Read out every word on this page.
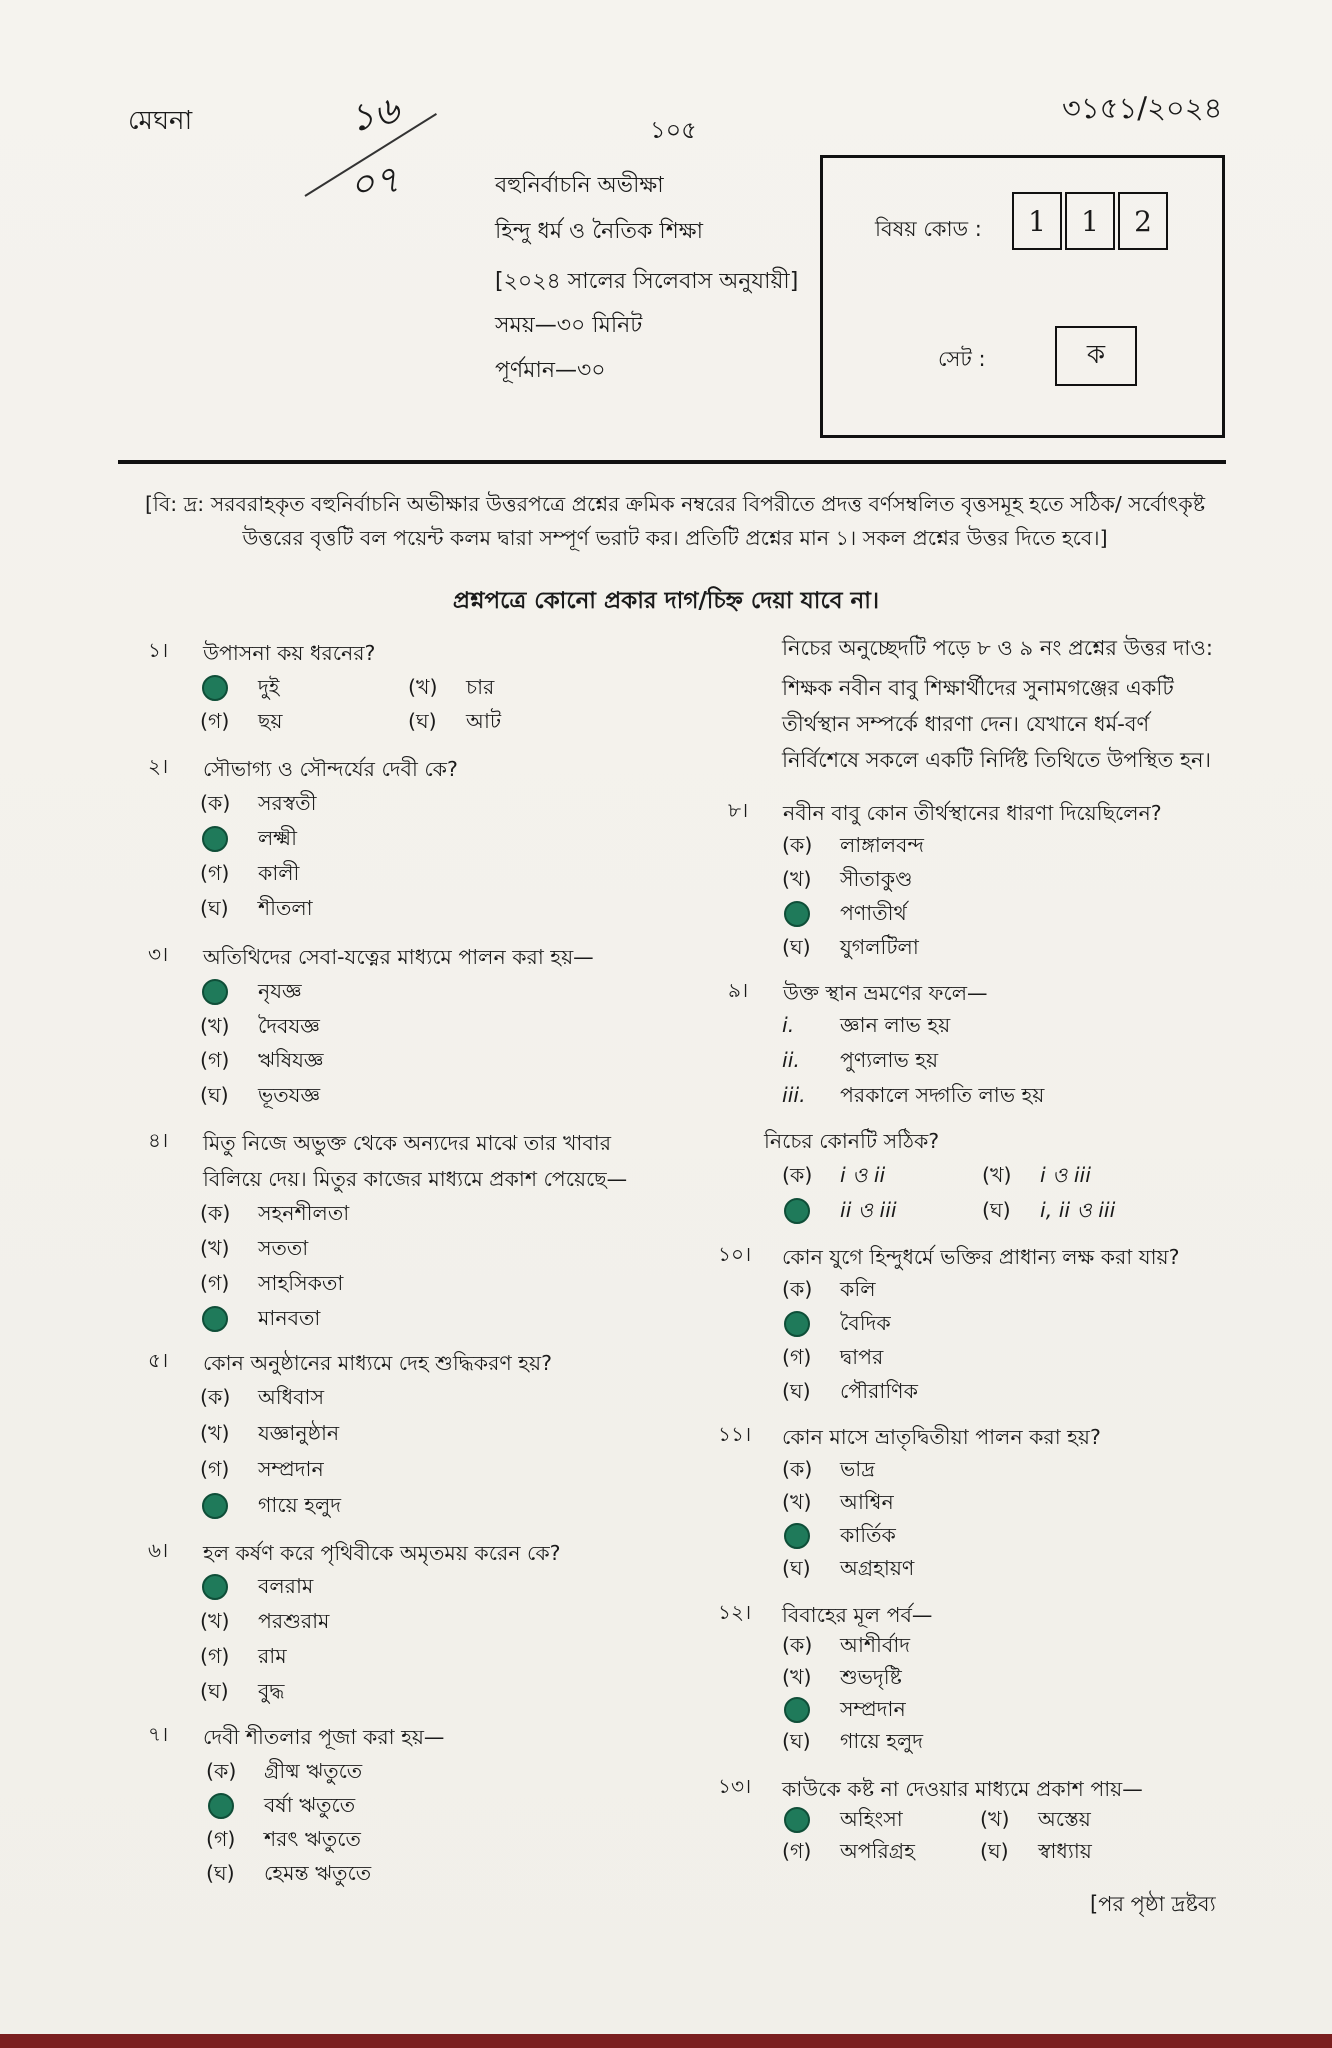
মেঘনা	১৬
০৭
১০৫
৩১৫১/২০২৪
বহুনির্বাচনি অভীক্ষা
হিন্দু ধর্ম ও নৈতিক শিক্ষা
[২০২৪ সালের সিলেবাস অনুযায়ী]
সময়—৩০ মিনিট
পূর্ণমান—৩০
বিষয় কোড :	1	1	2
সেট :	ক
[বি: দ্র: সরবরাহকৃত বহুনির্বাচনি অভীক্ষার উত্তরপত্রে প্রশ্নের ক্রমিক নম্বরের বিপরীতে প্রদত্ত বর্ণসম্বলিত বৃত্তসমূহ হতে সঠিক/ সর্বোৎকৃষ্ট
উত্তরের বৃত্তটি বল পয়েন্ট কলম দ্বারা সম্পূর্ণ ভরাট কর। প্রতিটি প্রশ্নের মান ১। সকল প্রশ্নের উত্তর দিতে হবে।]
প্রশ্নপত্রে কোনো প্রকার দাগ/চিহ্ন দেয়া যাবে না।
১। উপাসনা কয় ধরনের?
দুই	(খ) চার
(গ) ছয়	(ঘ) আট
২। সৌভাগ্য ও সৌন্দর্যের দেবী কে?
(ক) সরস্বতী
লক্ষ্মী
(গ) কালী
(ঘ) শীতলা
৩। অতিথিদের সেবা-যত্নের মাধ্যমে পালন করা হয়—
নৃযজ্ঞ
(খ) দৈবযজ্ঞ
(গ) ঋষিযজ্ঞ
(ঘ) ভূতযজ্ঞ
৪। মিতু নিজে অভুক্ত থেকে অন্যদের মাঝে তার খাবার
বিলিয়ে দেয়। মিতুর কাজের মাধ্যমে প্রকাশ পেয়েছে—
(ক) সহনশীলতা
(খ) সততা
(গ) সাহসিকতা
মানবতা
৫। কোন অনুষ্ঠানের মাধ্যমে দেহ শুদ্ধিকরণ হয়?
(ক) অধিবাস
(খ) যজ্ঞানুষ্ঠান
(গ) সম্প্রদান
গায়ে হলুদ
৬। হল কর্ষণ করে পৃথিবীকে অমৃতময় করেন কে?
বলরাম
(খ) পরশুরাম
(গ) রাম
(ঘ) বুদ্ধ
৭। দেবী শীতলার পূজা করা হয়—
(ক) গ্রীষ্ম ঋতুতে
বর্ষা ঋতুতে
(গ) শরৎ ঋতুতে
(ঘ) হেমন্ত ঋতুতে
নিচের অনুচ্ছেদটি পড়ে ৮ ও ৯ নং প্রশ্নের উত্তর দাও:
শিক্ষক নবীন বাবু শিক্ষার্থীদের সুনামগঞ্জের একটি
তীর্থস্থান সম্পর্কে ধারণা দেন। যেখানে ধর্ম-বর্ণ
নির্বিশেষে সকলে একটি নির্দিষ্ট তিথিতে উপস্থিত হন।
৮। নবীন বাবু কোন তীর্থস্থানের ধারণা দিয়েছিলেন?
(ক) লাঙ্গালবন্দ
(খ) সীতাকুণ্ড
পণাতীর্থ
(ঘ) যুগলটিলা
৯। উক্ত স্থান ভ্রমণের ফলে—
i. জ্ঞান লাভ হয়
ii. পুণ্যলাভ হয়
iii. পরকালে সদ্গতি লাভ হয়
নিচের কোনটি সঠিক?
(ক) i ও ii	(খ) i ও iii
ii ও iii	(ঘ) i, ii ও iii
১০। কোন যুগে হিন্দুধর্মে ভক্তির প্রাধান্য লক্ষ করা যায়?
(ক) কলি
বৈদিক
(গ) দ্বাপর
(ঘ) পৌরাণিক
১১। কোন মাসে ভ্রাতৃদ্বিতীয়া পালন করা হয়?
(ক) ভাদ্র
(খ) আশ্বিন
কার্তিক
(ঘ) অগ্রহায়ণ
১২। বিবাহের মূল পর্ব—
(ক) আশীর্বাদ
(খ) শুভদৃষ্টি
সম্প্রদান
(ঘ) গায়ে হলুদ
১৩। কাউকে কষ্ট না দেওয়ার মাধ্যমে প্রকাশ পায়—
অহিংসা	(খ) অস্তেয়
(গ) অপরিগ্রহ	(ঘ) স্বাধ্যায়
[পর পৃষ্ঠা দ্রষ্টব্য
